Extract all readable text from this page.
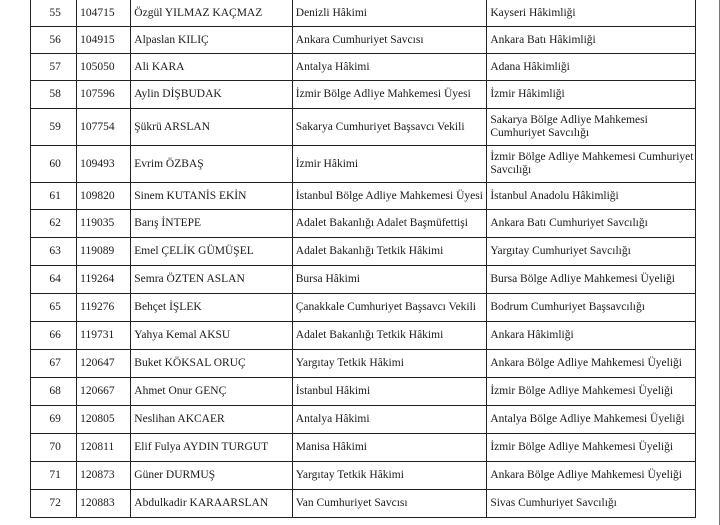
55	104715	Özgül YILMAZ KAÇMAZ	Denizli Hâkimi	Kayseri Hâkimliği
56	104915	Alpaslan KILIÇ	Ankara Cumhuriyet Savcısı	Ankara Batı Hâkimliği
57	105050	Ali KARA	Antalya Hâkimi	Adana Hâkimliği
58	107596	Aylin DİŞBUDAK	İzmir Bölge Adliye Mahkemesi Üyesi	İzmir Hâkimliği
59	107754	Şükrü ARSLAN	Sakarya Cumhuriyet Başsavcı Vekili	Sakarya Bölge Adliye Mahkemesi Cumhuriyet Savcılığı
60	109493	Evrim ÖZBAŞ	İzmir Hâkimi	İzmir Bölge Adliye Mahkemesi Cumhuriyet Savcılığı
61	109820	Sinem KUTANİS EKİN	İstanbul Bölge Adliye Mahkemesi Üyesi	İstanbul Anadolu Hâkimliği
62	119035	Barış İNTEPE	Adalet Bakanlığı Adalet Başmüfettişi	Ankara Batı Cumhuriyet Savcılığı
63	119089	Emel ÇELİK GÜMÜŞEL	Adalet Bakanlığı Tetkik Hâkimi	Yargıtay Cumhuriyet Savcılığı
64	119264	Semra ÖZTEN ASLAN	Bursa Hâkimi	Bursa Bölge Adliye Mahkemesi Üyeliği
65	119276	Behçet İŞLEK	Çanakkale Cumhuriyet Başsavcı Vekili	Bodrum Cumhuriyet Başsavcılığı
66	119731	Yahya Kemal AKSU	Adalet Bakanlığı Tetkik Hâkimi	Ankara Hâkimliği
67	120647	Buket KÖKSAL ORUÇ	Yargıtay Tetkik Hâkimi	Ankara Bölge Adliye Mahkemesi Üyeliği
68	120667	Ahmet Onur GENÇ	İstanbul Hâkimi	İzmir Bölge Adliye Mahkemesi Üyeliği
69	120805	Neslihan AKCAER	Antalya Hâkimi	Antalya Bölge Adliye Mahkemesi Üyeliği
70	120811	Elif Fulya AYDIN TURGUT	Manisa Hâkimi	İzmir Bölge Adliye Mahkemesi Üyeliği
71	120873	Güner DURMUŞ	Yargıtay Tetkik Hâkimi	Ankara Bölge Adliye Mahkemesi Üyeliği
72	120883	Abdulkadir KARAARSLAN	Van Cumhuriyet Savcısı	Sivas Cumhuriyet Savcılığı
